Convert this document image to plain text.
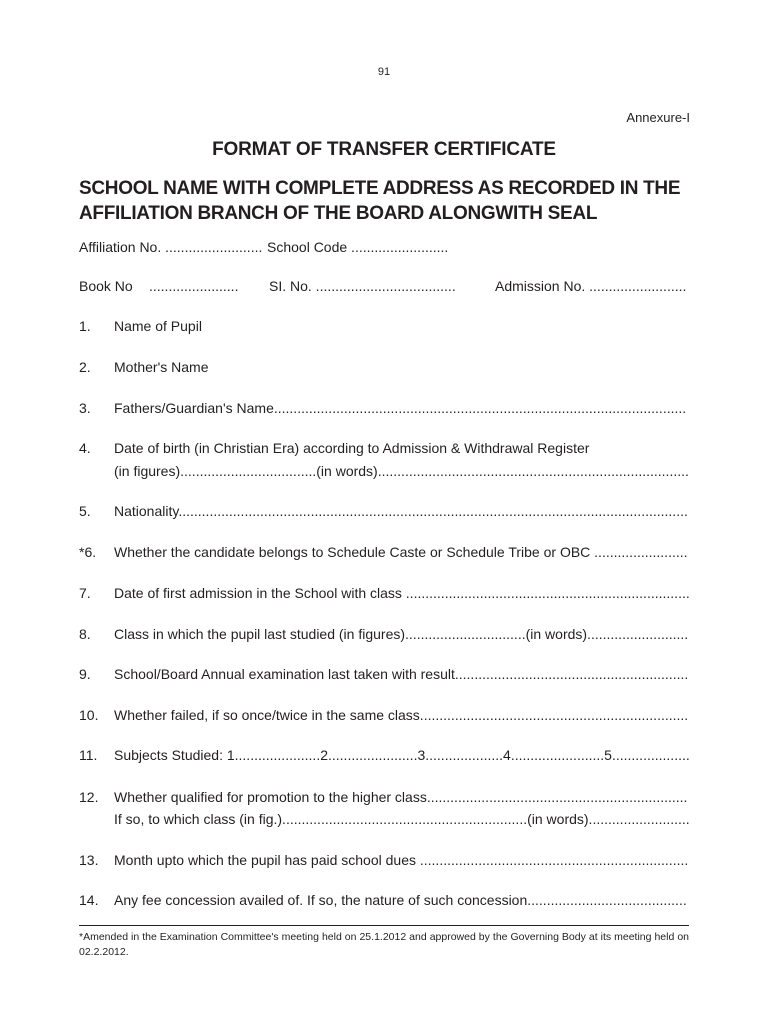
91
Annexure-I
FORMAT OF TRANSFER CERTIFICATE
SCHOOL NAME WITH COMPLETE ADDRESS AS RECORDED IN THE AFFILIATION BRANCH OF THE BOARD ALONGWITH SEAL
Affiliation No. ......................... School Code .........................
Book No ....................... SI. No. ....................................	Admission No. .........................
1. Name of Pupil
2. Mother's Name
3. Fathers/Guardian's Name..........................................................................................................
4. Date of birth (in Christian Era) according to Admission & Withdrawal Register
(in figures)...................................(in words)................................................................................
5. Nationality...................................................................................................................................
*6. Whether the candidate belongs to Schedule Caste or Schedule Tribe or OBC ........................
7. Date of first admission in the School with class .........................................................................
8. Class in which the pupil last studied (in figures)...............................(in words)..........................
9. School/Board Annual examination last taken with result............................................................
10. Whether failed, if so once/twice in the same class.....................................................................
11. Subjects Studied: 1......................2.......................3....................4........................5....................
12. Whether qualified for promotion to the higher class...................................................................
If so, to which class (in fig.)...............................................................(in words)..........................
13. Month upto which the pupil has paid school dues .....................................................................
14. Any fee concession availed of. If so, the nature of such concession.........................................
*Amended in the Examination Committee's meeting held on 25.1.2012 and approwed by the Governing Body at its meeting held on 02.2.2012.
